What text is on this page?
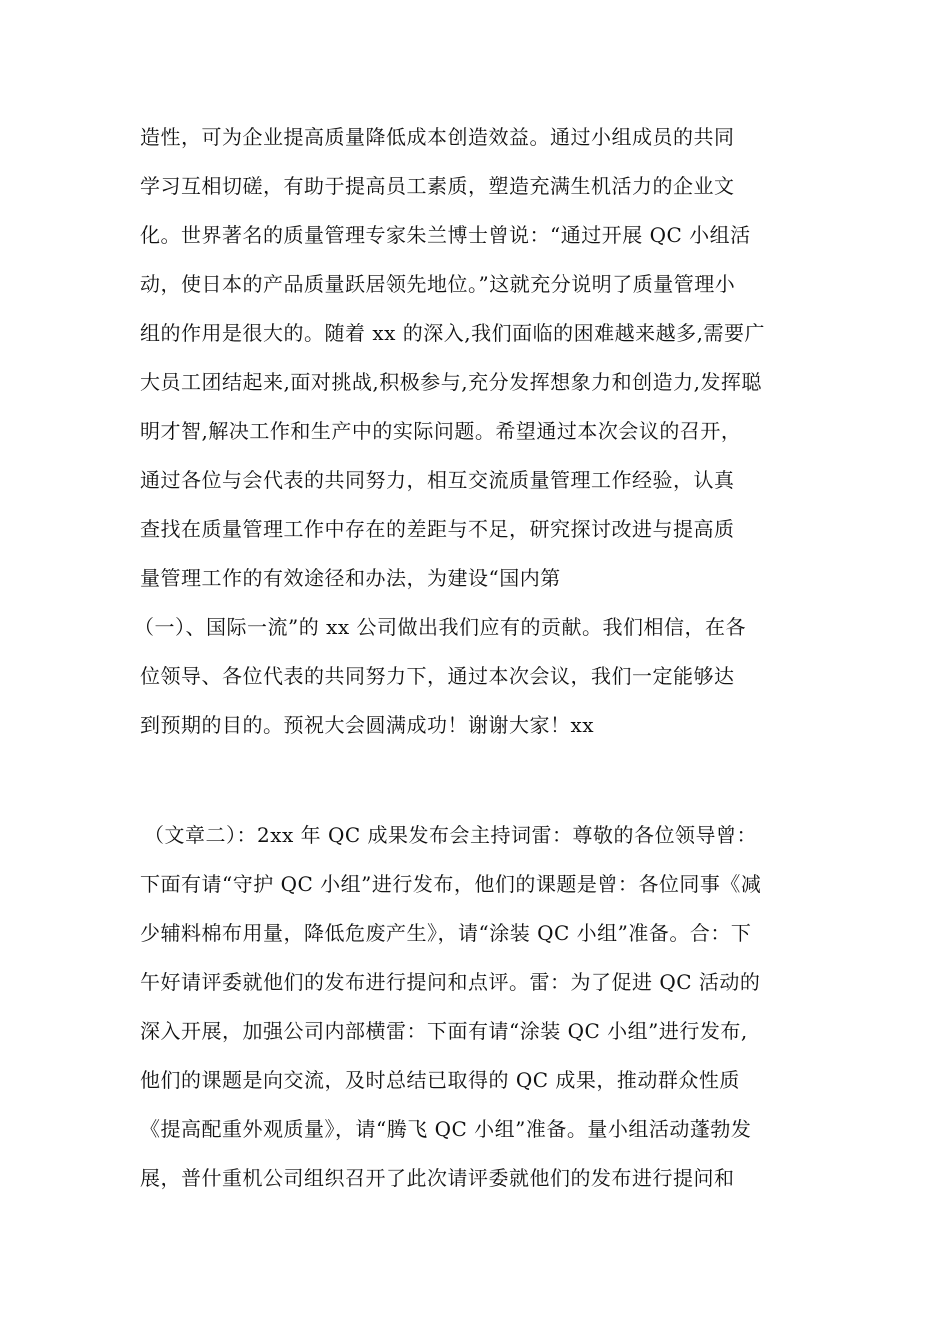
造性，可为企业提高质量降低成本创造效益。通过小组成员的共同
学习互相切磋，有助于提高员工素质，塑造充满生机活力的企业文
化。世界著名的质量管理专家朱兰博士曾说：“通过开展 QC 小组活
动，使日本的产品质量跃居领先地位。”这就充分说明了质量管理小
组的作用是很大的。随着 xx 的深入,我们面临的困难越来越多,需要广
大员工团结起来,面对挑战,积极参与,充分发挥想象力和创造力,发挥聪
明才智,解决工作和生产中的实际问题。希望通过本次会议的召开，
通过各位与会代表的共同努力，相互交流质量管理工作经验，认真
查找在质量管理工作中存在的差距与不足，研究探讨改进与提高质
量管理工作的有效途径和办法，为建设“国内第
（一）、国际一流”的 xx 公司做出我们应有的贡献。我们相信，在各
位领导、各位代表的共同努力下，通过本次会议，我们一定能够达
到预期的目的。预祝大会圆满成功！谢谢大家！xx
（文章二）：2xx 年 QC 成果发布会主持词雷：尊敬的各位领导曾：
下面有请“守护 QC 小组”进行发布，他们的课题是曾：各位同事《减
少辅料棉布用量，降低危废产生》，请“涂装 QC 小组”准备。合：下
午好请评委就他们的发布进行提问和点评。雷：为了促进 QC 活动的
深入开展，加强公司内部横雷：下面有请“涂装 QC 小组”进行发布,
他们的课题是向交流，及时总结已取得的 QC 成果，推动群众性质
《提高配重外观质量》，请“腾飞 QC 小组”准备。量小组活动蓬勃发
展，普什重机公司组织召开了此次请评委就他们的发布进行提问和
